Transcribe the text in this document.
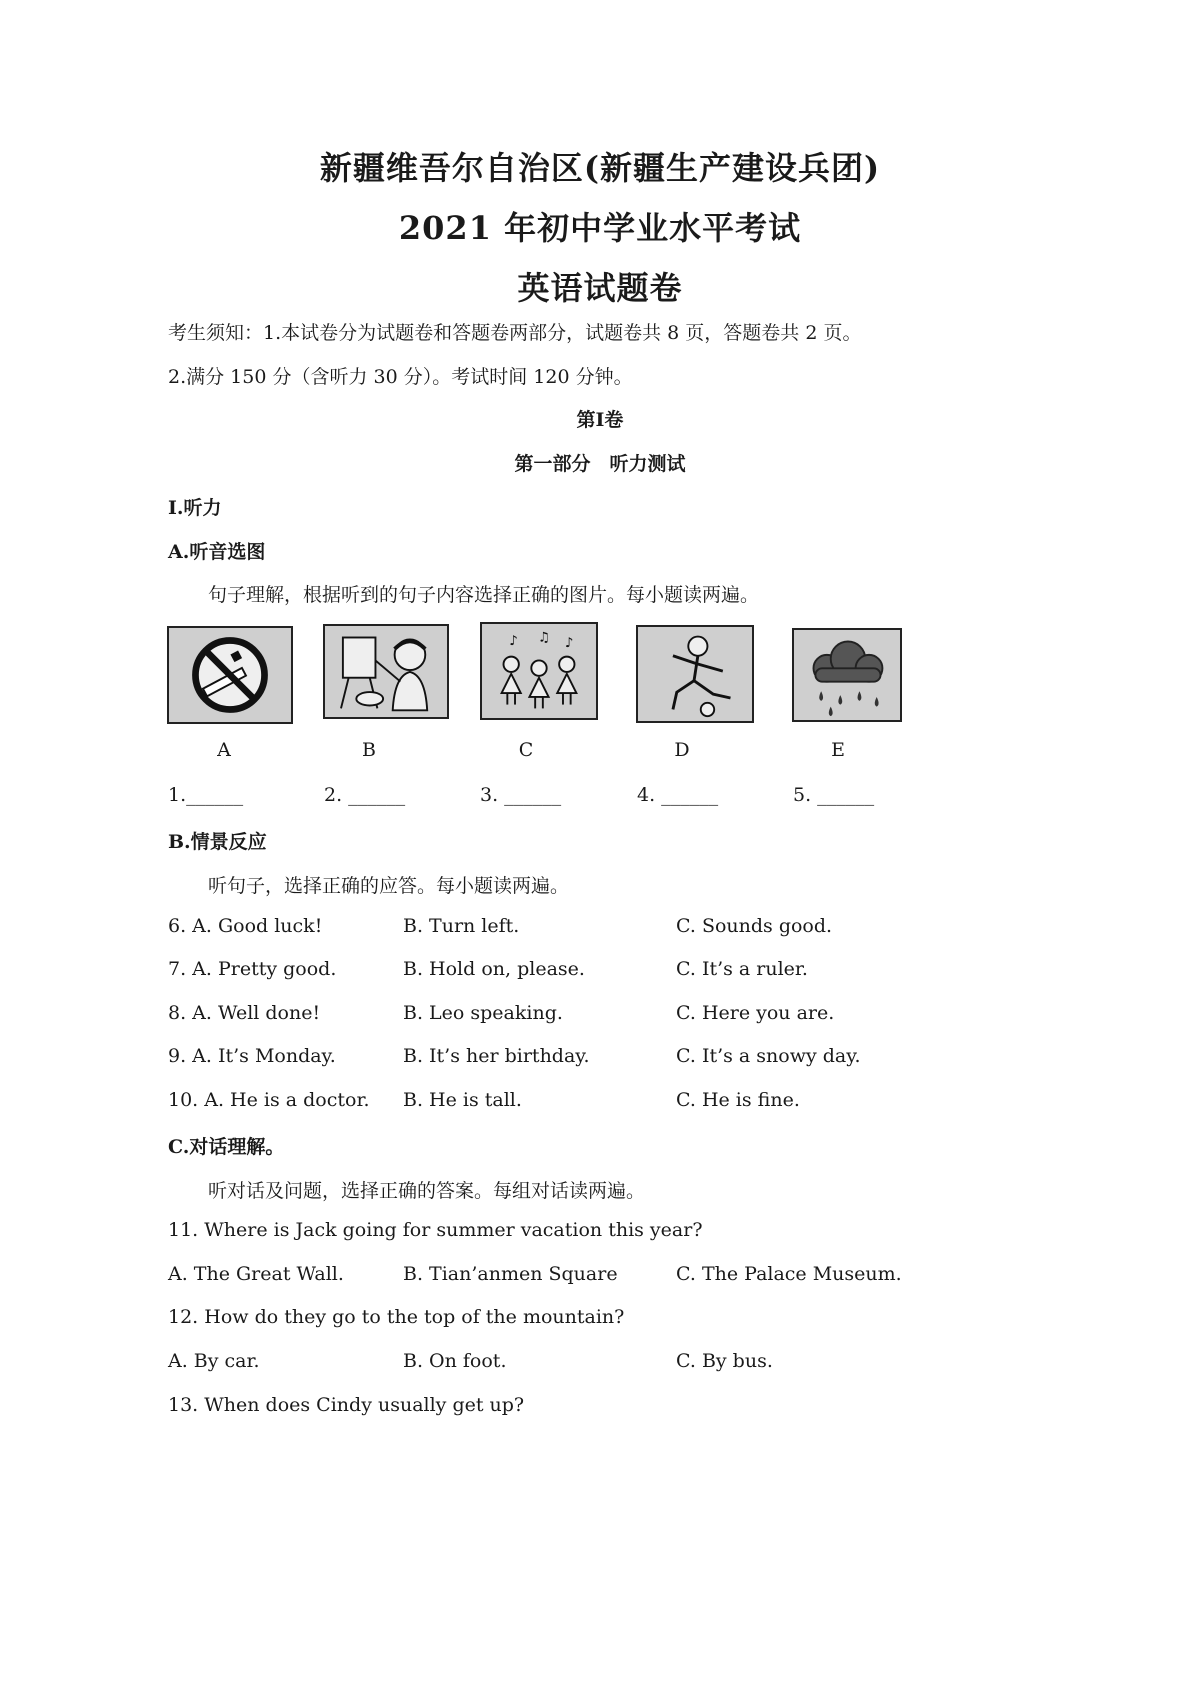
新疆维吾尔自治区(新疆生产建设兵团)
2021 年初中学业水平考试
英语试题卷
考生须知：1.本试卷分为试题卷和答题卷两部分，试题卷共 8 页，答题卷共 2 页。
2.满分 150 分（含听力 30 分）。考试时间 120 分钟。
第Ⅰ卷
第一部分　听力测试
Ⅰ.听力
A.听音选图
句子理解，根据听到的句子内容选择正确的图片。每小题读两遍。
♪ ♫ ♪
A	B	C	D	E
1.______	2. ______	3. ______	4. ______	5. ______
B.情景反应
听句子，选择正确的应答。每小题读两遍。
6. A. Good luck!	B. Turn left.	C. Sounds good.
7. A. Pretty good.	B. Hold on, please.	C. It’s a ruler.
8. A. Well done!	B. Leo speaking.	C. Here you are.
9. A. It’s Monday.	B. It’s her birthday.	C. It’s a snowy day.
10. A. He is a doctor. B. He is tall.	C. He is fine.
C.对话理解。
听对话及问题，选择正确的答案。每组对话读两遍。
11. Where is Jack going for summer vacation this year?
A. The Great Wall.	B. Tian’anmen Square	C. The Palace Museum.
12. How do they go to the top of the mountain?
A. By car.	B. On foot.	C. By bus.
13. When does Cindy usually get up?
